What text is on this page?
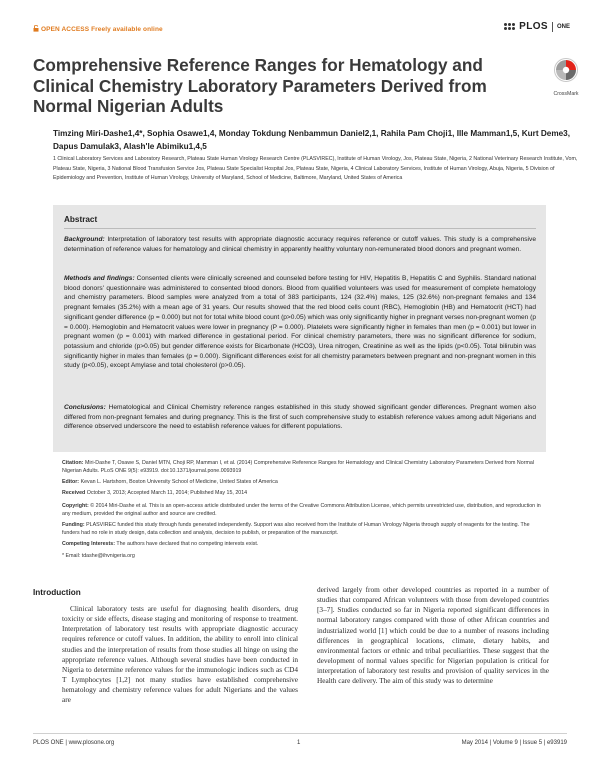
OPEN ACCESS Freely available online	PLOS ONE
Comprehensive Reference Ranges for Hematology and Clinical Chemistry Laboratory Parameters Derived from Normal Nigerian Adults
CrossMark
Timzing Miri-Dashe1,4*, Sophia Osawe1,4, Monday Tokdung Nenbammun Daniel2,1, Rahila Pam Choji1, Ille Mamman1,5, Kurt Deme3, Dapus Damulak3, Alash'le Abimiku1,4,5
1 Clinical Laboratory Services and Laboratory Research, Plateau State Human Virology Research Centre (PLASVIREC), Institute of Human Virology, Jos, Plateau State, Nigeria, 2 National Veterinary Research Institute, Vom, Plateau State, Nigeria, 3 National Blood Transfusion Service Jos, Plateau State Specialist Hospital Jos, Plateau State, Nigeria, 4 Clinical Laboratory Services, Institute of Human Virology, Abuja, Nigeria, 5 Division of Epidemiology and Prevention, Institute of Human Virology, University of Maryland, School of Medicine, Baltimore, Maryland, United States of America
Abstract

Background: Interpretation of laboratory test results with appropriate diagnostic accuracy requires reference or cutoff values. This study is a comprehensive determination of reference values for hematology and clinical chemistry in apparently healthy voluntary non-remunerated blood donors and pregnant women.

Methods and findings: Consented clients were clinically screened and counseled before testing for HIV, Hepatitis B, Hepatitis C and Syphilis. Standard national blood donors' questionnaire was administered to consented blood donors. Blood from qualified volunteers was used for measurement of complete hematology and chemistry parameters. Blood samples were analyzed from a total of 383 participants, 124 (32.4%) males, 125 (32.6%) non-pregnant females and 134 pregnant females (35.2%) with a mean age of 31 years. Our results showed that the red blood cells count (RBC), Hemoglobin (HB) and Hematocrit (HCT) had significant gender difference (p = 0.000) but not for total white blood count (p>0.05) which was only significantly higher in pregnant verses non-pregnant women (p = 0.000). Hemoglobin and Hematocrit values were lower in pregnancy (P = 0.000). Platelets were significantly higher in females than men (p = 0.001) but lower in pregnant women (p = 0.001) with marked difference in gestational period. For clinical chemistry parameters, there was no significant difference for sodium, potassium and chloride (p>0.05) but gender difference exists for Bicarbonate (HCO3), Urea nitrogen, Creatinine as well as the lipids (p<0.05). Total bilirubin was significantly higher in males than females (p = 0.000). Significant differences exist for all chemistry parameters between pregnant and non-pregnant women in this study (p<0.05), except Amylase and total cholesterol (p>0.05).

Conclusions: Hematological and Clinical Chemistry reference ranges established in this study showed significant gender differences. Pregnant women also differed from non-pregnant females and during pregnancy. This is the first of such comprehensive study to establish reference values among adult Nigerians and difference observed underscore the need to establish reference values for different populations.

Citation: Miri-Dashe T, Osawe S, Daniel MTN, Choji RP, Mamman I, et al. (2014) Comprehensive Reference Ranges for Hematology and Clinical Chemistry Laboratory Parameters Derived from Normal Nigerian Adults. PLoS ONE 9(5): e93919. doi:10.1371/journal.pone.0093919

Editor: Kevan L. Hartshorn, Boston University School of Medicine, United States of America

Received October 3, 2013; Accepted March 11, 2014; Published May 15, 2014

Copyright: © 2014 Miri-Dashe et al. This is an open-access article distributed under the terms of the Creative Commons Attribution License, which permits unrestricted use, distribution, and reproduction in any medium, provided the original author and source are credited.

Funding: PLASVIREC funded this study through funds generated independently. Support was also received from the Institute of Human Virology Nigeria through supply of reagents for the testing. The funders had no role in study design, data collection and analysis, decision to publish, or preparation of the manuscript.

Competing Interests: The authors have declared that no competing interests exist.

* Email: tdashe@ihvnigeria.org

Introduction

Clinical laboratory tests are useful for diagnosing health disorders, drug toxicity or side effects, disease staging and monitoring of response to treatment. Interpretation of laboratory test results with appropriate diagnostic accuracy requires reference or cutoff values. In addition, the ability to enroll into clinical studies and the interpretation of results from those studies all hinge on using the appropriate reference values. Although several studies have been conducted in Nigeria to determine reference values for the immunologic indices such as CD4 T Lymphocytes [1,2] not many studies have established comprehensive hematology and chemistry reference values for adult Nigerians and the values are

derived largely from other developed countries as reported in a number of studies that compared African volunteers with those from developed countries [3–7]. Studies conducted so far in Nigeria reported significant differences in normal laboratory ranges compared with those of other African countries and industrialized world [1] which could be due to a number of reasons including differences in geographical locations, climate, dietary habits, and environmental factors or ethnic and tribal peculiarities. These suggest that the development of normal values specific for Nigerian population is critical for interpretation of laboratory test results and provision of quality services in the Health care delivery. The aim of this study was to determine

PLOS ONE | www.plosone.org	1	May 2014 | Volume 9 | Issue 5 | e93919
